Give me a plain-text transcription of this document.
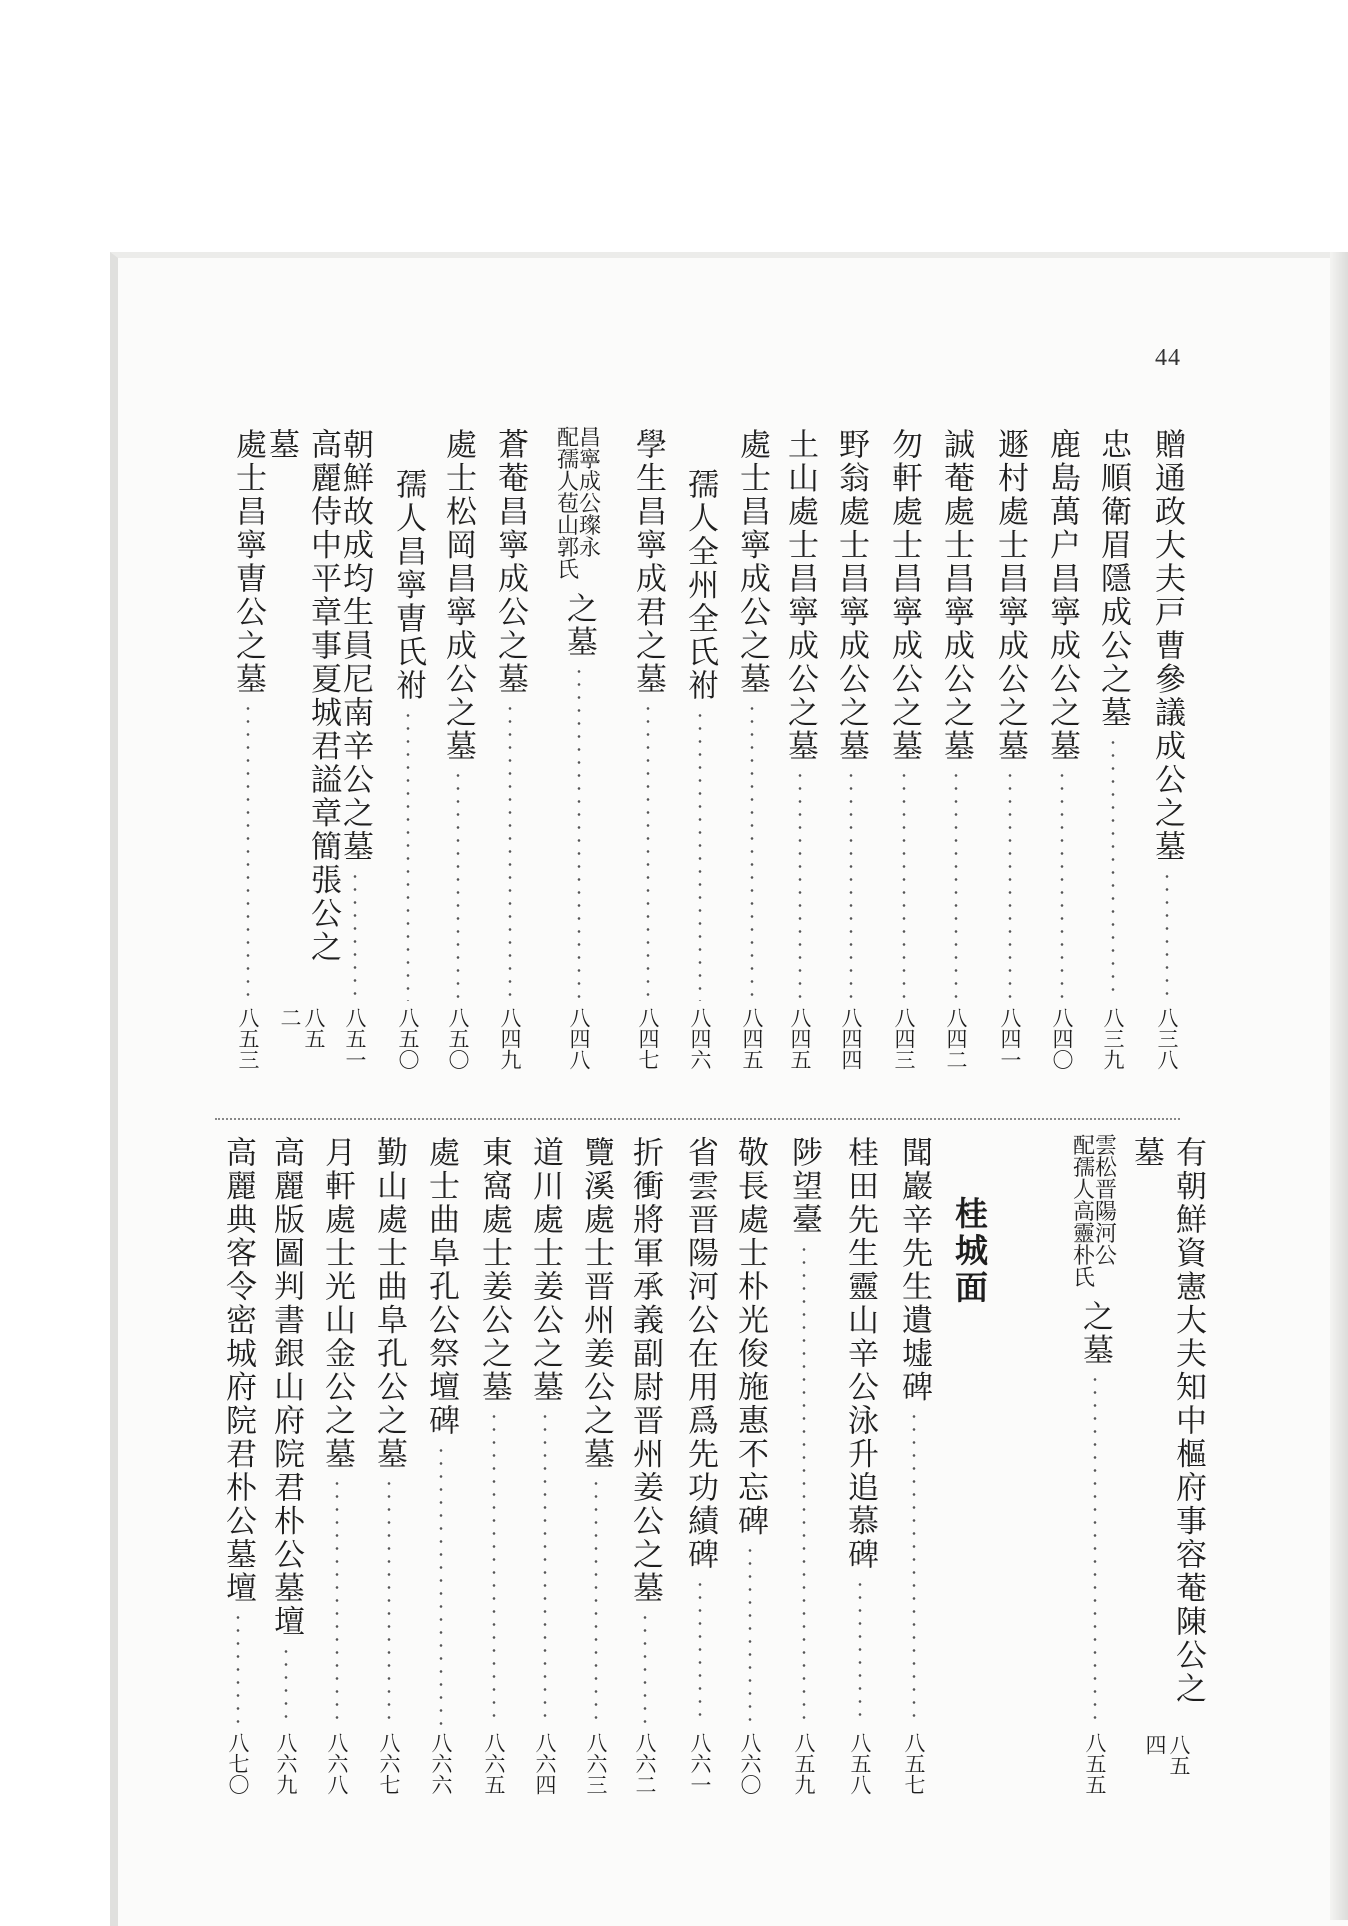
44
贈通政大夫戸曹參議成公之墓
八三八
忠順衛眉隱成公之墓
八三九
鹿島萬户昌寧成公之墓
八四〇
遯村處士昌寧成公之墓
八四一
誠菴處士昌寧成公之墓
八四二
勿軒處士昌寧成公之墓
八四三
野翁處士昌寧成公之墓
八四四
土山處士昌寧成公之墓
八四五
處士昌寧成公之墓
八四五
孺人全州全氏祔
八四六
學生昌寧成君之墓
八四七
昌寧成公璨永
配孺人苞山郭氏
之墓
八四八
蒼菴昌寧成公之墓
八四九
處士松岡昌寧成公之墓
八五〇
孺人昌寧曺氏祔
八五〇
朝鮮故成均生員尼南辛公之墓
八五一
高麗侍中平章事夏城君謚章簡張公之墓
八五二
處士昌寧曺公之墓
八五三
有朝鮮資憲大夫知中樞府事容菴陳公之墓
八五四
雲松晋陽河公
配孺人高靈朴氏
之墓
八五五
桂城面
聞巖辛先生遺墟碑
八五七
桂田先生靈山辛公泳升追慕碑
八五八
陟望臺
八五九
敬長處士朴光俊施惠不忘碑
八六〇
省雲晋陽河公在用爲先功績碑
八六一
折衝將軍承義副尉晋州姜公之墓
八六二
覽溪處士晋州姜公之墓
八六三
道川處士姜公之墓
八六四
東窩處士姜公之墓
八六五
處士曲阜孔公祭壇碑
八六六
勤山處士曲阜孔公之墓
八六七
月軒處士光山金公之墓
八六八
高麗版圖判書銀山府院君朴公墓壇
八六九
高麗典客令密城府院君朴公墓壇
八七〇
